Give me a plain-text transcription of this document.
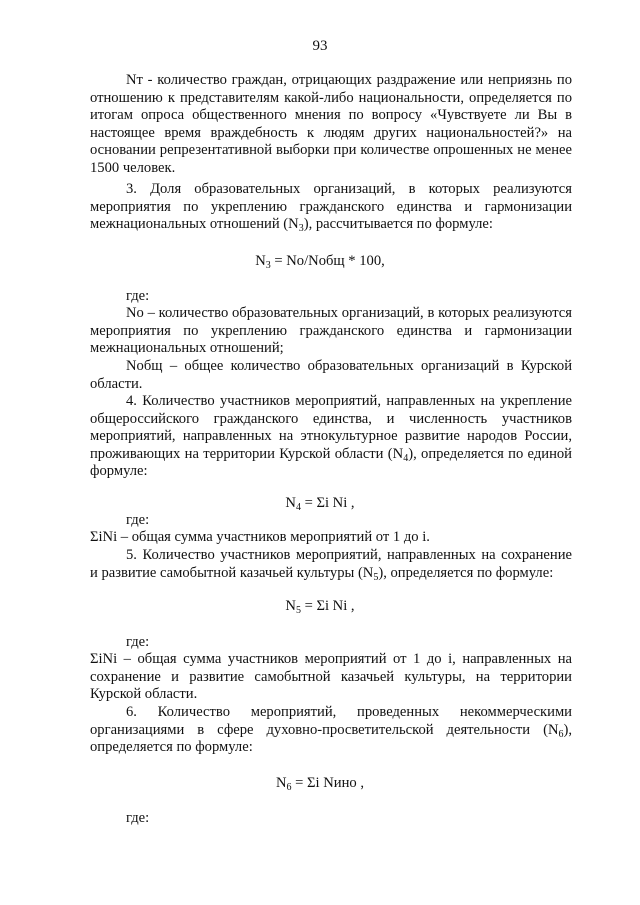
93

Nт - количество граждан, отрицающих раздражение или неприязнь по отношению к представителям какой-либо национальности, определяется по итогам опроса общественного мнения по вопросу «Чувствуете ли Вы в настоящее время враждебность к людям других национальностей?» на основании репрезентативной выборки при количестве опрошенных не менее 1500 человек.

3. Доля образовательных организаций, в которых реализуются мероприятия по укреплению гражданского единства и гармонизации межнациональных отношений $(N_3)$, рассчитывается по формуле:

$N_3$ = Nо/Nобщ * 100,
где:

Nо – количество образовательных организаций, в которых реализуются мероприятия по укреплению гражданского единства и гармонизации межнациональных отношений;

Nобщ – общее количество образовательных организаций в Курской области.

4. Количество участников мероприятий, направленных на укрепление общероссийского гражданского единства, и численность участников мероприятий, направленных на этнокультурное развитие народов России, проживающих на территории Курской области $(N_4)$, определяется по единой формуле:

$N_4 = \Sigma i$ Ni ,
где:

ΣiNi – общая сумма участников мероприятий от 1 до i.

5. Количество участников мероприятий, направленных на сохранение и развитие самобытной казачьей культуры $(N_5)$, определяется по формуле:

$N_5 = \Sigma i$ Ni ,
где:

ΣiNi – общая сумма участников мероприятий от 1 до i, направленных на сохранение и развитие самобытной казачьей культуры, на территории Курской области.

6. Количество мероприятий, проведенных некоммерческими организациями в сфере духовно-просветительской деятельности $(N_6)$, определяется по формуле:

$N_6 = \Sigma i$ Nино ,
где:
